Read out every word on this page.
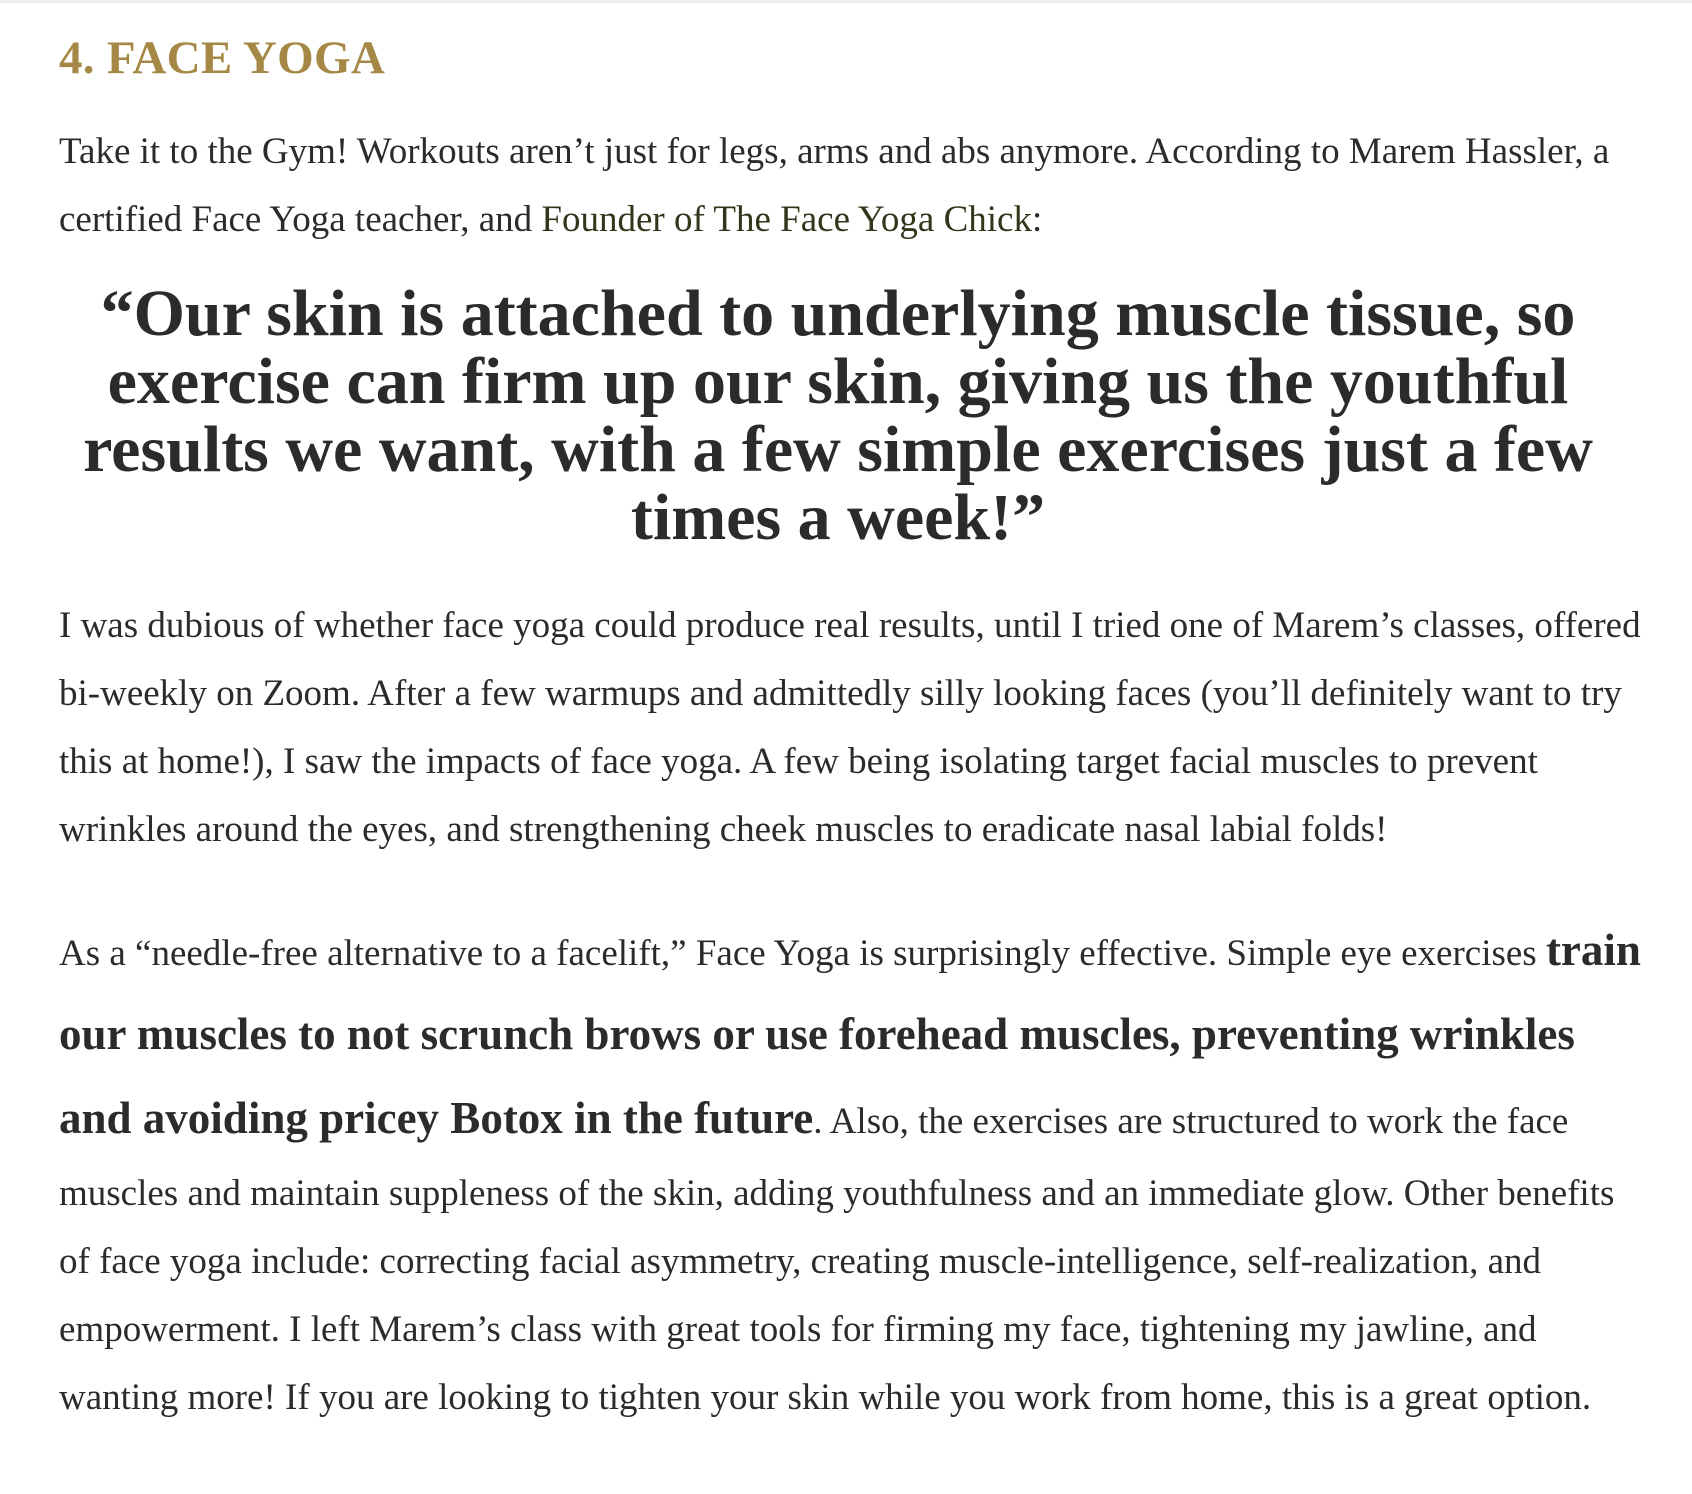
4. FACE YOGA

Take it to the Gym! Workouts aren’t just for legs, arms and abs anymore. According to Marem Hassler, a certified Face Yoga teacher, and Founder of The Face Yoga Chick:

“Our skin is attached to underlying muscle tissue, so exercise can firm up our skin, giving us the youthful results we want, with a few simple exercises just a few times a week!”

I was dubious of whether face yoga could produce real results, until I tried one of Marem’s classes, offered bi-weekly on Zoom. After a few warmups and admittedly silly looking faces (you’ll definitely want to try this at home!), I saw the impacts of face yoga. A few being isolating target facial muscles to prevent wrinkles around the eyes, and strengthening cheek muscles to eradicate nasal labial folds!

As a “needle-free alternative to a facelift,” Face Yoga is surprisingly effective. Simple eye exercises train our muscles to not scrunch brows or use forehead muscles, preventing wrinkles and avoiding pricey Botox in the future. Also, the exercises are structured to work the face muscles and maintain suppleness of the skin, adding youthfulness and an immediate glow. Other benefits of face yoga include: correcting facial asymmetry, creating muscle-intelligence, self-realization, and empowerment. I left Marem’s class with great tools for firming my face, tightening my jawline, and wanting more! If you are looking to tighten your skin while you work from home, this is a great option.
